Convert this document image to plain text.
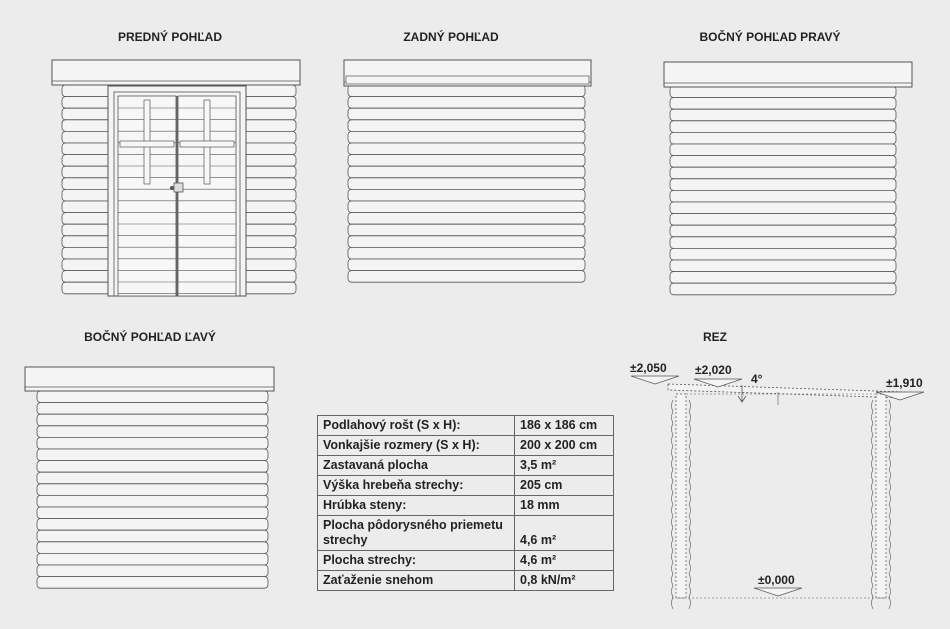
PREDNÝ POHĽAD	ZADNÝ POHĽAD	BOČNÝ POHĽAD PRAVÝ
BOČNÝ POHĽAD ĽAVÝ	REZ
Podlahový rošt (S x H):	186 x 186 cm
Vonkajšie rozmery (S x H):	200 x 200 cm
Zastavaná plocha	3,5 m²
Výška hrebeňa strechy:	205 cm
Hrúbka steny:	18 mm
Plocha pôdorysného priemetu strechy	4,6 m²
Plocha strechy:	4,6 m²
Zaťaženie snehom	0,8 kN/m²
±2,050 ±2,020
4°	±1,910
±0,000
